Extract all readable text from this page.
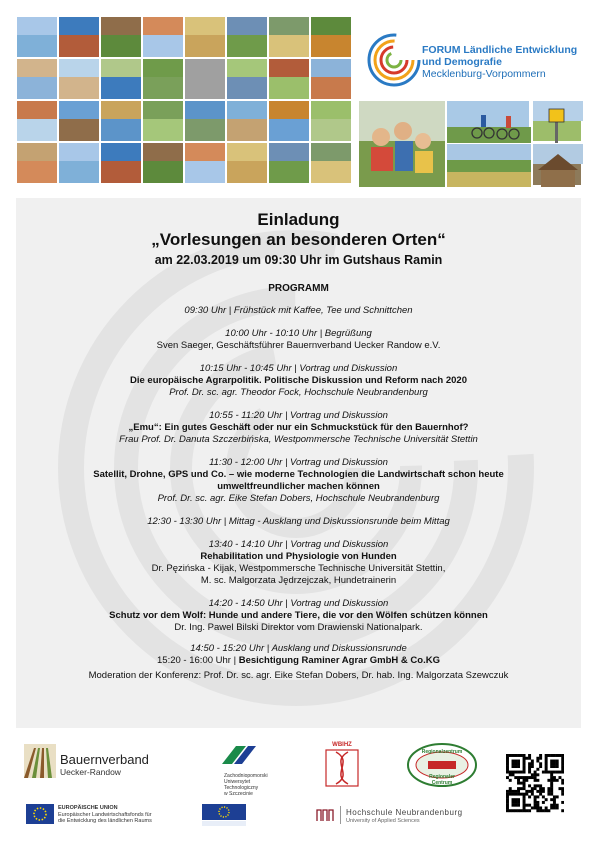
FORUM Ländliche Entwicklung
und Demografie
Mecklenburg-Vorpommern
Einladung
„Vorlesungen an besonderen Orten“
am 22.03.2019 um 09:30 Uhr im Gutshaus Ramin
PROGRAMM
09:30 Uhr | Frühstück mit Kaffee, Tee und Schnittchen
10:00 Uhr - 10:10 Uhr | Begrüßung
Sven Saeger, Geschäftsführer Bauernverband Uecker Randow e.V.
10:15 Uhr - 10:45 Uhr | Vortrag und Diskussion
Die europäische Agrarpolitik. Politische Diskussion und Reform nach 2020
Prof. Dr. sc. agr. Theodor Fock, Hochschule Neubrandenburg
10:55 - 11:20 Uhr | Vortrag und Diskussion
„Emu“: Ein gutes Geschäft oder nur ein Schmuckstück für den Bauernhof?
Frau Prof. Dr. Danuta Szczerbińska, Westpommersche Technische Universität Stettin
11:30 - 12:00 Uhr | Vortrag und Diskussion
Satellit, Drohne, GPS und Co. – wie moderne Technologien die Landwirtschaft schon heute
umweltfreundlicher machen können
Prof. Dr. sc. agr. Eike Stefan Dobers, Hochschule Neubrandenburg
12:30 - 13:30 Uhr | Mittag - Ausklang und Diskussionsrunde beim Mittag
13:40 - 14:10 Uhr | Vortrag und Diskussion
Rehabilitation und Physiologie von Hunden
Dr. Pęzińska - Kijak, Westpommersche Technische Universität Stettin,
M. sc. Malgorzata Jędrzejczak, Hundetrainerin
14:20 - 14:50 Uhr | Vortrag und Diskussion
Schutz vor dem Wolf: Hunde und andere Tiere, die vor den Wölfen schützen können
Dr. Ing. Pawel Bilski Direktor vom Drawienski Nationalpark.
14:50 - 15:20 Uhr | Ausklang und Diskussionsrunde
15:20 - 16:00 Uhr | Besichtigung Raminer Agrar GmbH & Co.KG
Moderation der Konferenz: Prof. Dr. sc. agr. Eike Stefan Dobers, Dr. hab. Ing. Malgorzata Szewczuk
Bauernverband
Uecker-Randow	Zachodniopomorski
Uniwersytet
Technologiczny
w Szczecinie
WBIHZ
Regionalzentrum
Regionaler Centrum
EUROPÄISCHE UNION
Europäischer Landwirtschaftsfonds für
die Entwicklung des ländlichen Raums
Hochschule Neubrandenburg
University of Applied Sciences
